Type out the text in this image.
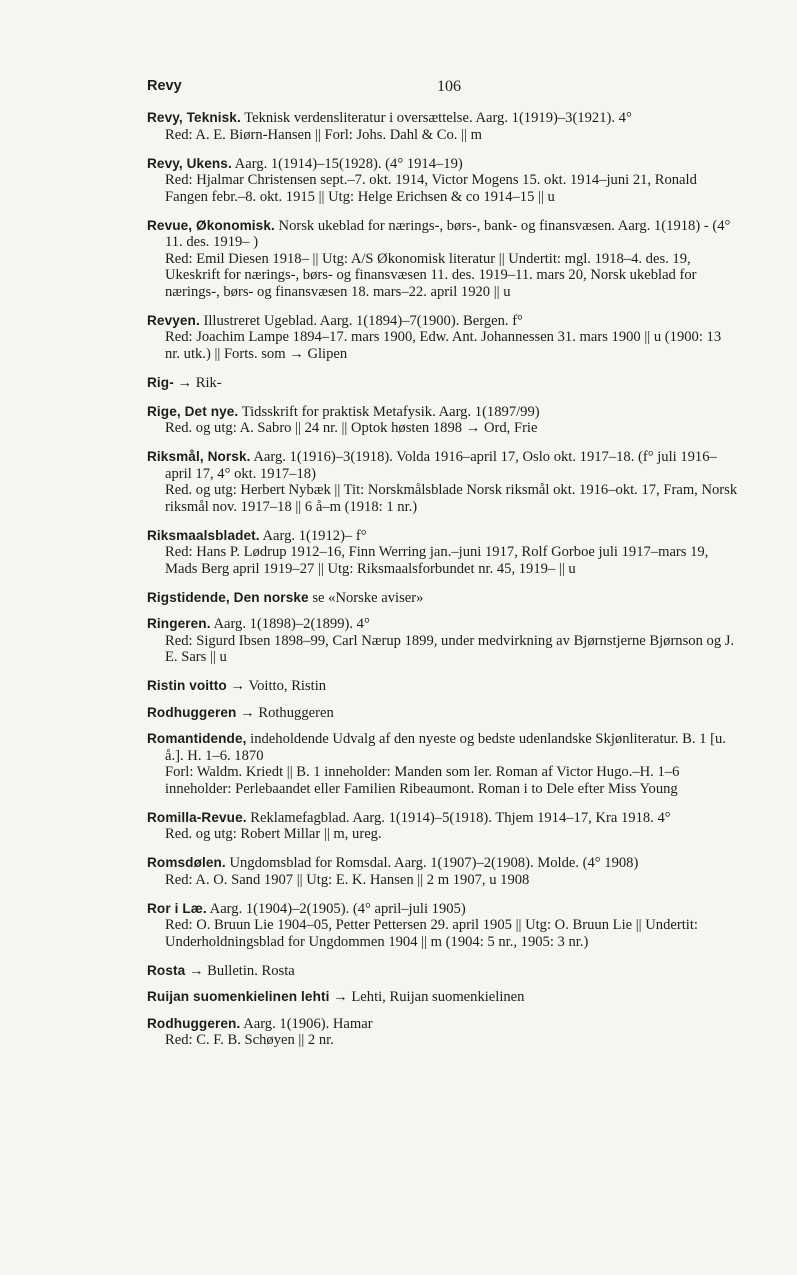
Revy	106

Revy, Teknisk. Teknisk verdensliteratur i oversættelse. Aarg. 1(1919)–3(1921). 4°

Red: A. E. Biørn-Hansen || Forl: Johs. Dahl & Co. || m

Revy, Ukens. Aarg. 1(1914)–15(1928). (4° 1914–19)

Red: Hjalmar Christensen sept.–7. okt. 1914, Victor Mogens 15. okt. 1914–juni 21, Ronald Fangen febr.–8. okt. 1915 || Utg: Helge Erichsen & co 1914–15 || u

Revue, Økonomisk. Norsk ukeblad for nærings-, børs-, bank- og finansvæsen. Aarg. 1(1918) - (4° 11. des. 1919– )

Red: Emil Diesen 1918– || Utg: A/S Økonomisk literatur || Undertit: mgl. 1918–4. des. 19, Ukeskrift for nærings-, børs- og finansvæsen 11. des. 1919–11. mars 20, Norsk ukeblad for nærings-, børs- og finansvæsen 18. mars–22. april 1920 || u

Revyen. Illustreret Ugeblad. Aarg. 1(1894)–7(1900). Bergen. f°

Red: Joachim Lampe 1894–17. mars 1900, Edw. Ant. Johannessen 31. mars 1900 || u (1900: 13 nr. utk.) || Forts. som → Glipen

Rig- → Rik-

Rige, Det nye. Tidsskrift for praktisk Metafysik. Aarg. 1(1897/99)

Red. og utg: A. Sabro || 24 nr. || Optok høsten 1898 → Ord, Frie

Riksmål, Norsk. Aarg. 1(1916)–3(1918). Volda 1916–april 17, Oslo okt. 1917–18. (f° juli 1916–april 17, 4° okt. 1917–18)

Red. og utg: Herbert Nybæk || Tit: Norskmålsblade Norsk riksmål okt. 1916–okt. 17, Fram, Norsk riksmål nov. 1917–18 || 6 å–m (1918: 1 nr.)

Riksmaalsbladet. Aarg. 1(1912)– f°

Red: Hans P. Lødrup 1912–16, Finn Werring jan.–juni 1917, Rolf Gorboe juli 1917–mars 19, Mads Berg april 1919–27 || Utg: Riksmaalsforbundet nr. 45, 1919– || u

Rigstidende, Den norske se «Norske aviser»

Ringeren. Aarg. 1(1898)–2(1899). 4°

Red: Sigurd Ibsen 1898–99, Carl Nærup 1899, under medvirkning av Bjørnstjerne Bjørnson og J. E. Sars || u

Ristin voitto → Voitto, Ristin

Rodhuggeren → Rothuggeren

Romantidende, indeholdende Udvalg af den nyeste og bedste udenlandske Skjønliteratur. B. 1 [u. å.]. H. 1–6. 1870

Forl: Waldm. Kriedt || B. 1 inneholder: Manden som ler. Roman af Victor Hugo.–H. 1–6 inneholder: Perlebaandet eller Familien Ribeaumont. Roman i to Dele efter Miss Young

Romilla-Revue. Reklamefagblad. Aarg. 1(1914)–5(1918). Thjem 1914–17, Kra 1918. 4°

Red. og utg: Robert Millar || m, ureg.

Romsdølen. Ungdomsblad for Romsdal. Aarg. 1(1907)–2(1908). Molde. (4° 1908)

Red: A. O. Sand 1907 || Utg: E. K. Hansen || 2 m 1907, u 1908

Ror i Læ. Aarg. 1(1904)–2(1905). (4° april–juli 1905)

Red: O. Bruun Lie 1904–05, Petter Pettersen 29. april 1905 || Utg: O. Bruun Lie || Undertit: Underholdningsblad for Ungdommen 1904 || m (1904: 5 nr., 1905: 3 nr.)

Rosta → Bulletin. Rosta

Ruijan suomenkielinen lehti → Lehti, Ruijan suomenkielinen

Rodhuggeren. Aarg. 1(1906). Hamar

Red: C. F. B. Schøyen || 2 nr.
